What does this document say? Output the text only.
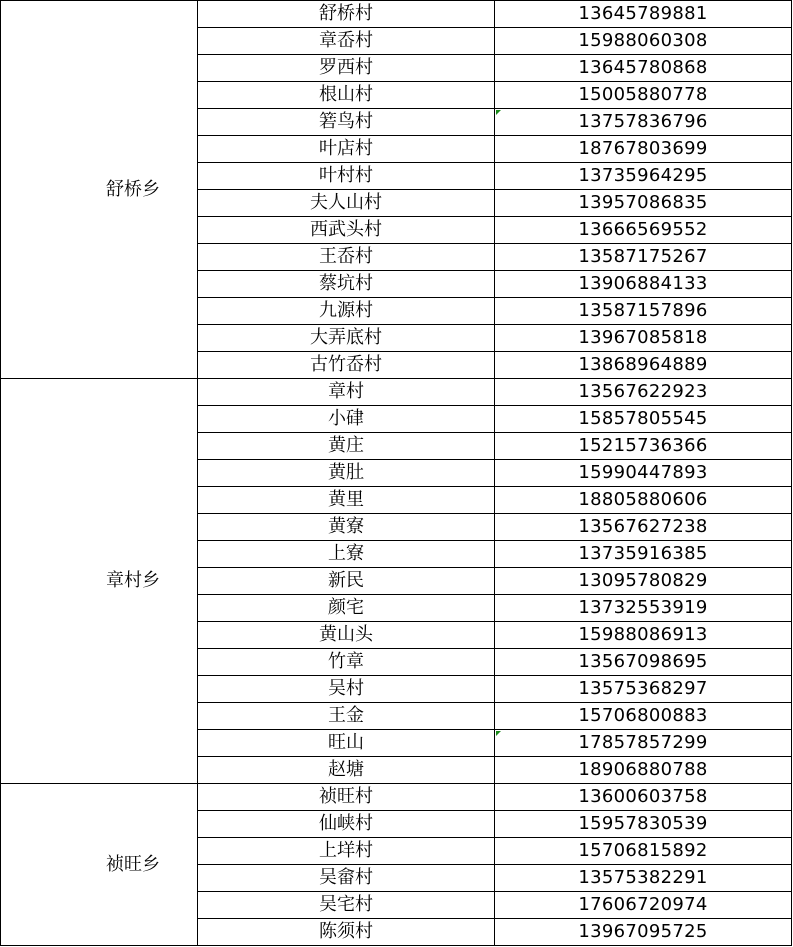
舒桥乡	舒桥村	13645789881
	章岙村	15988060308
	罗西村	13645780868
	根山村	15005880778
	箬鸟村	13757836796
	叶店村	18767803699
	叶村村	13735964295
	夫人山村	13957086835
	西武头村	13666569552
	王岙村	13587175267
	蔡坑村	13906884133
	九源村	13587157896
	大弄底村	13967085818
	古竹岙村	13868964889
章村乡	章村	13567622923
	小硉	15857805545
	黄庄	15215736366
	黄肚	15990447893
	黄里	18805880606
	黄寮	13567627238
	上寮	13735916385
	新民	13095780829
	颜宅	13732553919
	黄山头	15988086913
	竹章	13567098695
	吴村	13575368297
	王金	15706800883
	旺山	17857857299
	赵塘	18906880788
祯旺乡	祯旺村	13600603758
	仙峡村	15957830539
	上垟村	15706815892
	吴畲村	13575382291
	吴宅村	17606720974
	陈须村	13967095725
